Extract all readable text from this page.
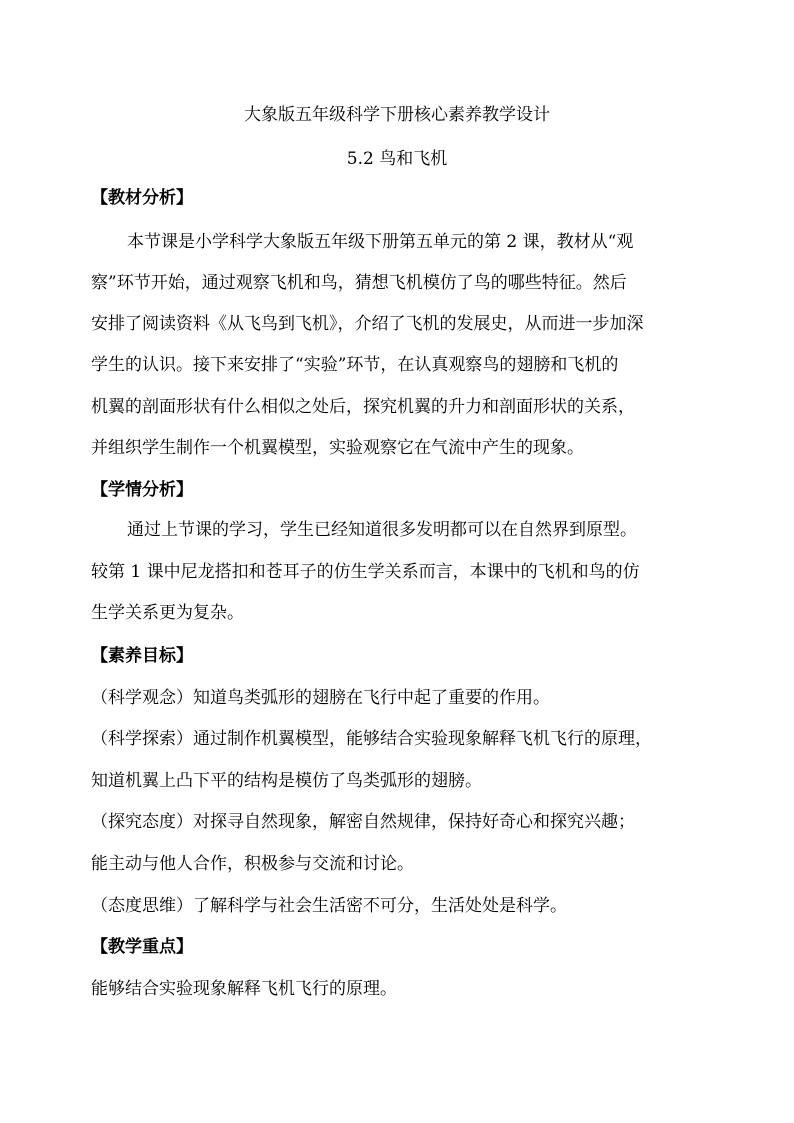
大象版五年级科学下册核心素养教学设计
5.2 鸟和飞机
【教材分析】
本节课是小学科学大象版五年级下册第五单元的第 2 课，教材从“观
察”环节开始，通过观察飞机和鸟，猜想飞机模仿了鸟的哪些特征。然后
安排了阅读资料《从飞鸟到飞机》，介绍了飞机的发展史，从而进一步加深
学生的认识。接下来安排了“实验”环节，在认真观察鸟的翅膀和飞机的
机翼的剖面形状有什么相似之处后，探究机翼的升力和剖面形状的关系，
并组织学生制作一个机翼模型，实验观察它在气流中产生的现象。
【学情分析】
通过上节课的学习，学生已经知道很多发明都可以在自然界到原型。
较第 1 课中尼龙搭扣和苍耳子的仿生学关系而言，本课中的飞机和鸟的仿
生学关系更为复杂。
【素养目标】
（科学观念）知道鸟类弧形的翅膀在飞行中起了重要的作用。
（科学探索）通过制作机翼模型，能够结合实验现象解释飞机飞行的原理，
知道机翼上凸下平的结构是模仿了鸟类弧形的翅膀。
（探究态度）对探寻自然现象，解密自然规律，保持好奇心和探究兴趣；
能主动与他人合作，积极参与交流和讨论。
（态度思维）了解科学与社会生活密不可分，生活处处是科学。
【教学重点】
能够结合实验现象解释飞机飞行的原理。
